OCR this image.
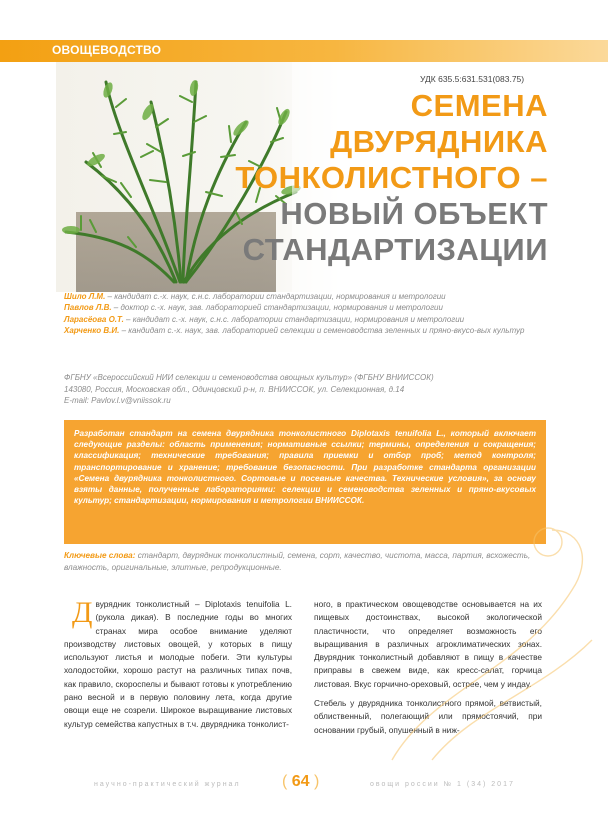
ОВОЩЕВОДСТВО
УДК 635.5:631.531(083.75)
СЕМЕНА
ДВУРЯДНИКА
ТОНКОЛИСТНОГО –
НОВЫЙ ОБЪЕКТ
СТАНДАРТИЗАЦИИ
Шило Л.М. – кандидат с.-х. наук, с.н.с. лаборатории стандартизации, нормирования и метрологии
Павлов Л.В. – доктор с.-х. наук, зав. лабораторией стандартизации, нормирования и метрологии
Ларасёова О.Т. – кандидат с.-х. наук, с.н.с. лаборатории стандартизации, нормирования и метрологии
Харченко В.И. – кандидат с.-х. наук, зав. лабораторией селекции и семеноводства зеленных и пряно-вкусо-вых культур
ФГБНУ «Всероссийский НИИ селекции и семеноводства овощных культур» (ФГБНУ ВНИИССОК)
143080, Россия, Московская обл., Одинцовский р-н, п. ВНИИССОК, ул. Селекционная, д.14
E-mail: Pavlov.l.v@vniissok.ru
Разработан стандарт на семена двурядника тонколистного Diplotaxis tenuifolia L., который включает следующие разделы: область применения; нормативные ссылки; термины, определения и сокращения; классификация; технические требования; правила приемки и отбор проб; метод контроля; транспортирование и хранение; требование безопасности. При разработке стандарта организации «Семена двурядника тонколистного. Сортовые и посевные качества. Технические условия», за основу взяты данные, полученные лабораториями: селекции и семеноводства зеленных и пряно-вкусовых культур; стандартизации, нормирования и метрологии ВНИИССОК.
Ключевые слова: стандарт, двурядник тонколистный, семена, сорт, качество, чистота, масса, партия, всхожесть, влажность, оригинальные, элитные, репродукционные.
Д вурядник тонколистный – Diplotaxis tenuifolia L. (рукола дикая). В последние годы во многих странах мира особое внимание уделяют производству листовых овощей, у которых в пищу используют листья и молодые побеги. Эти культуры холодостойки, хорошо растут на различных типах почв, как правило, скороспелы и бывают готовы к употреблению рано весной и в первую половину лета, когда другие овощи еще не созрели. Широкое выращивание листовых культур семейства капустных в т.ч. двурядника тонколист-
ного, в практическом овощеводстве основывается на их пищевых достоинствах, высокой экологической пластичности, что определяет возможность его выращивания в различных агроклиматических зонах. Двурядник тонколистный добавляют в пищу в качестве приправы в свежем виде, как кресс-салат, горчица листовая. Вкус горчично-ореховый, острее, чем у индау.
Стебель у двурядника тонколистного прямой, ветвистый, облиственный, полегающий или прямостоячий, при основании грубый, опушенный в ниж-
научно-практический журнал	( 64 )	овощи россии № 1 (34) 2017
